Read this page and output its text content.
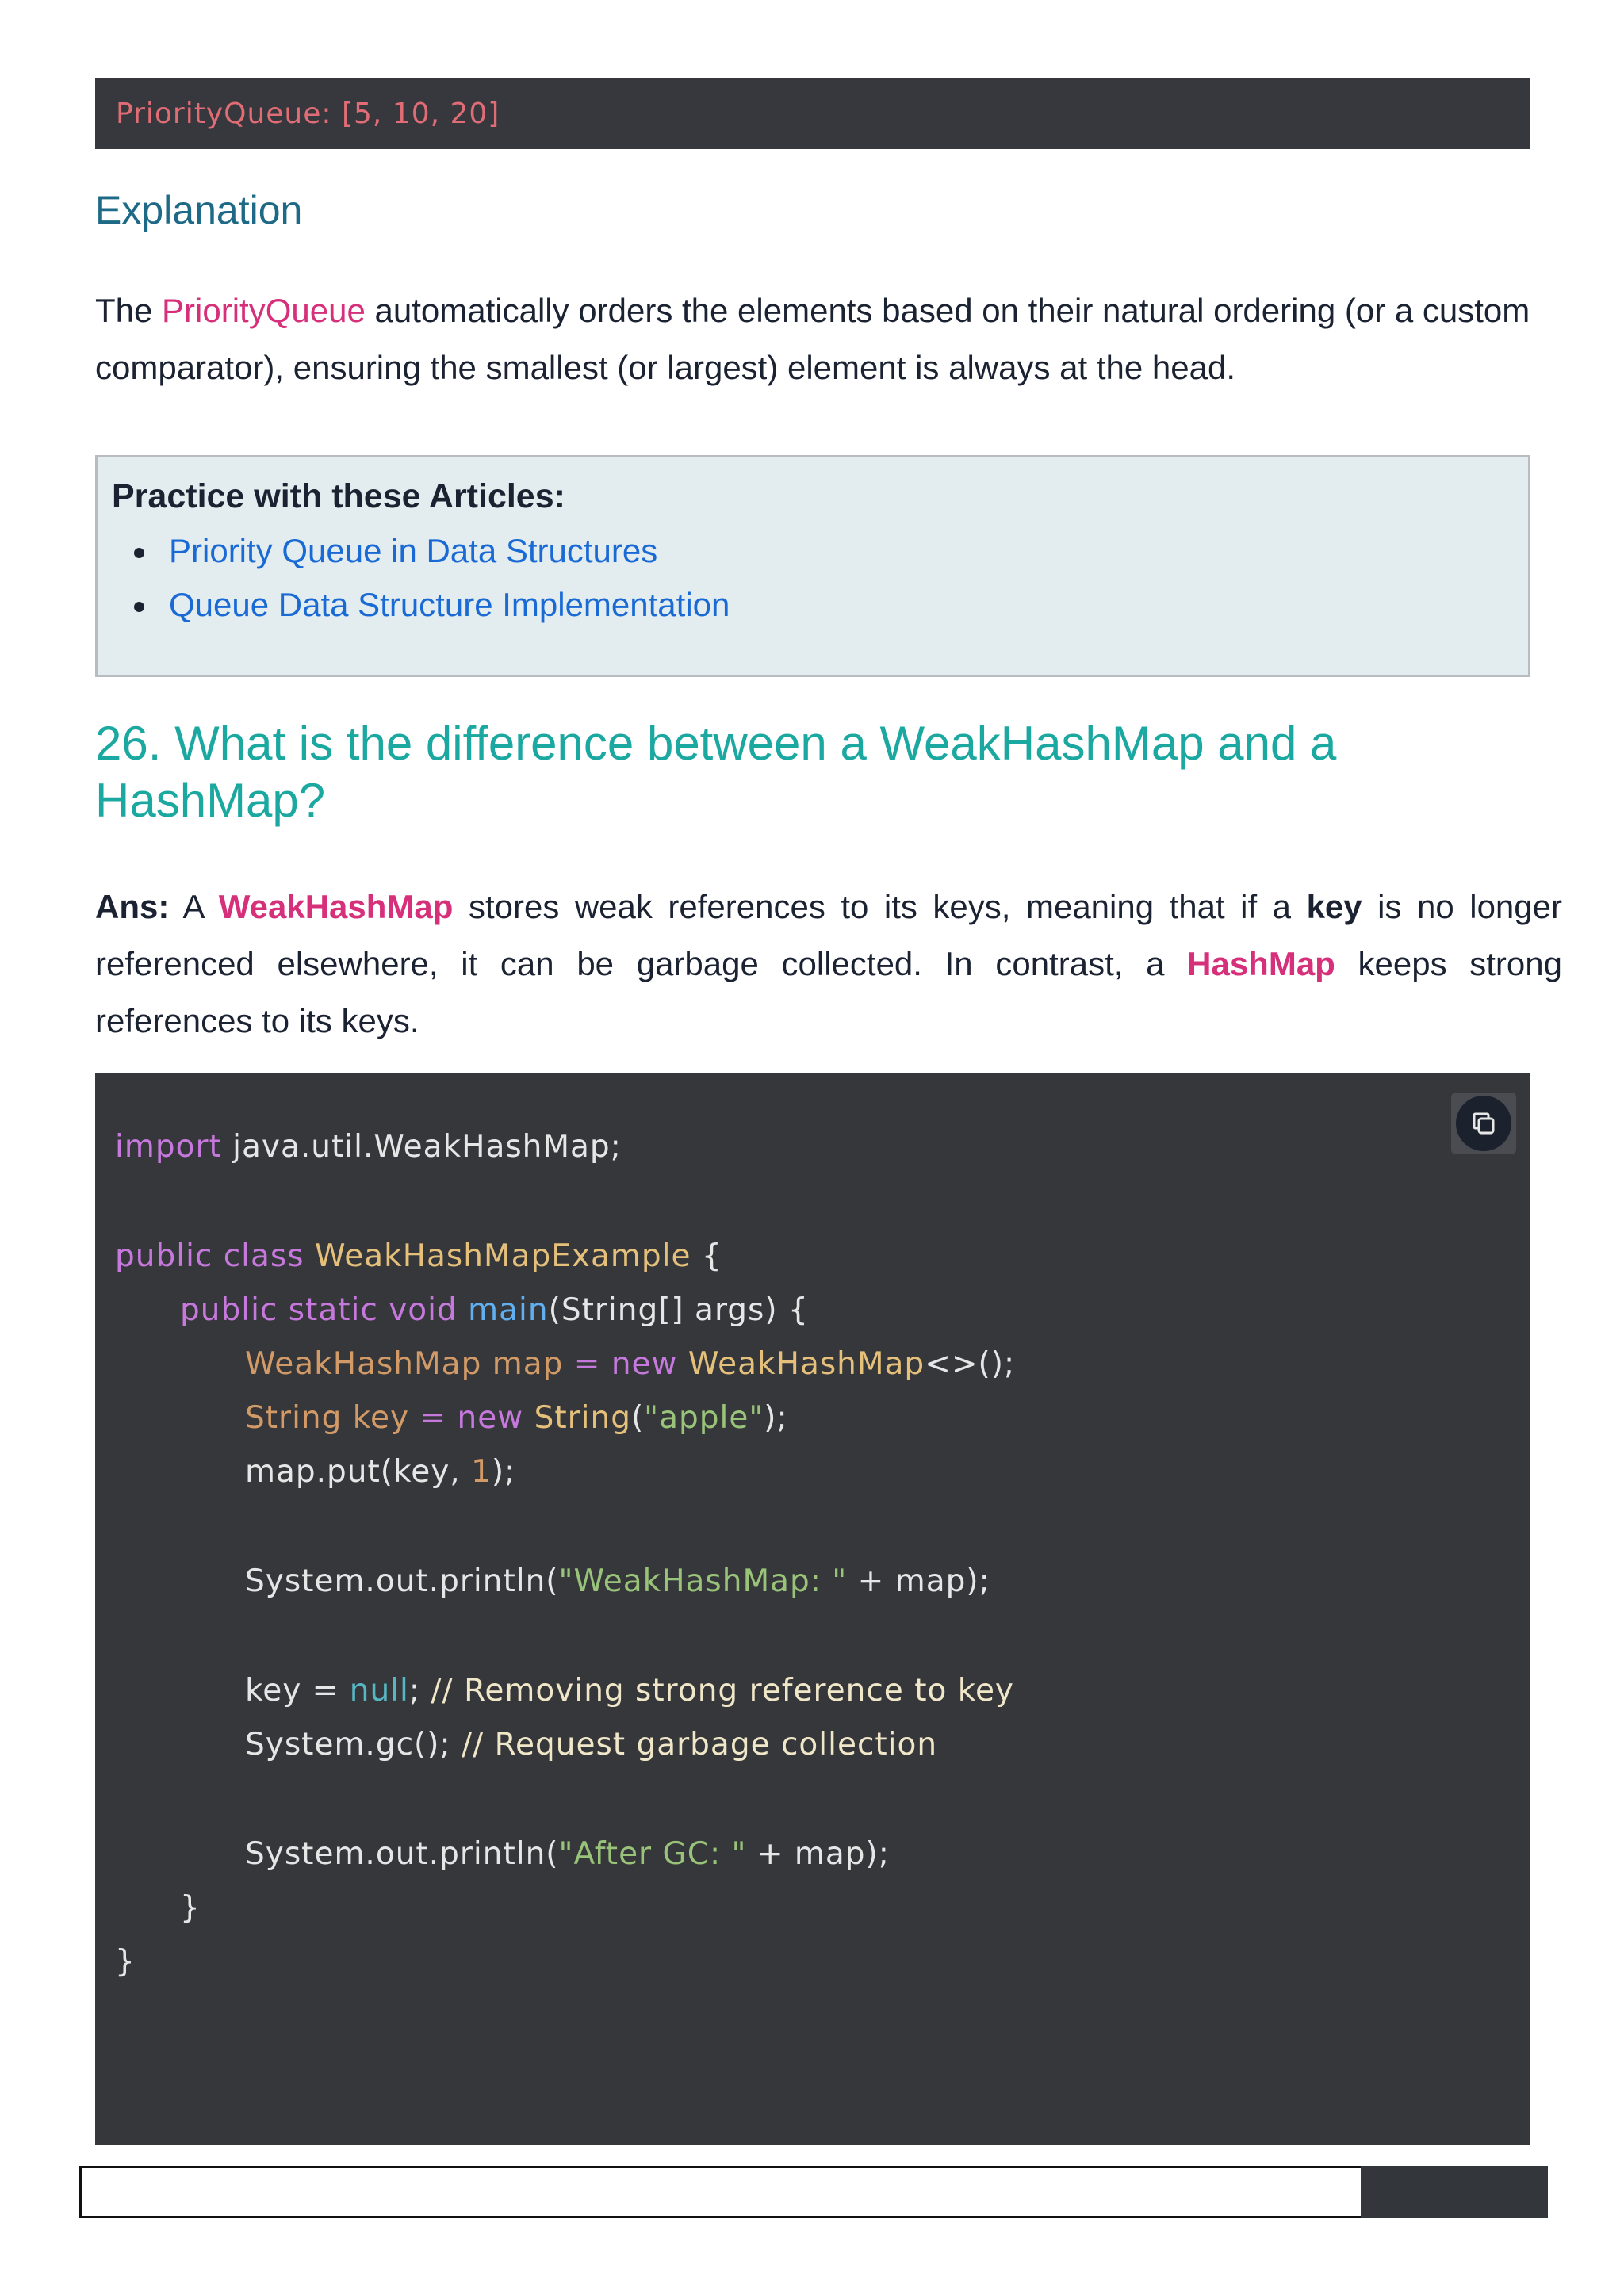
PriorityQueue: [5, 10, 20]
Explanation

The PriorityQueue automatically orders the elements based on their natural ordering (or a custom comparator), ensuring the smallest (or largest) element is always at the head.

Practice with these Articles:

Priority Queue in Data Structures
Queue Data Structure Implementation
26. What is the difference between a WeakHashMap and a HashMap?

Ans: A WeakHashMap stores weak references to its keys, meaning that if a key is no longer referenced elsewhere, it can be garbage collected. In contrast, a HashMap keeps strong references to its keys.

import java.util.WeakHashMap;
public class WeakHashMapExample {
public static void main(String[] args) {
WeakHashMap map = new WeakHashMap<>();
String key = new String("apple");
map.put(key, 1);
System.out.println("WeakHashMap: " + map);
key = null; // Removing strong reference to key
System.gc(); // Request garbage collection
System.out.println("After GC: " + map);
}
}
